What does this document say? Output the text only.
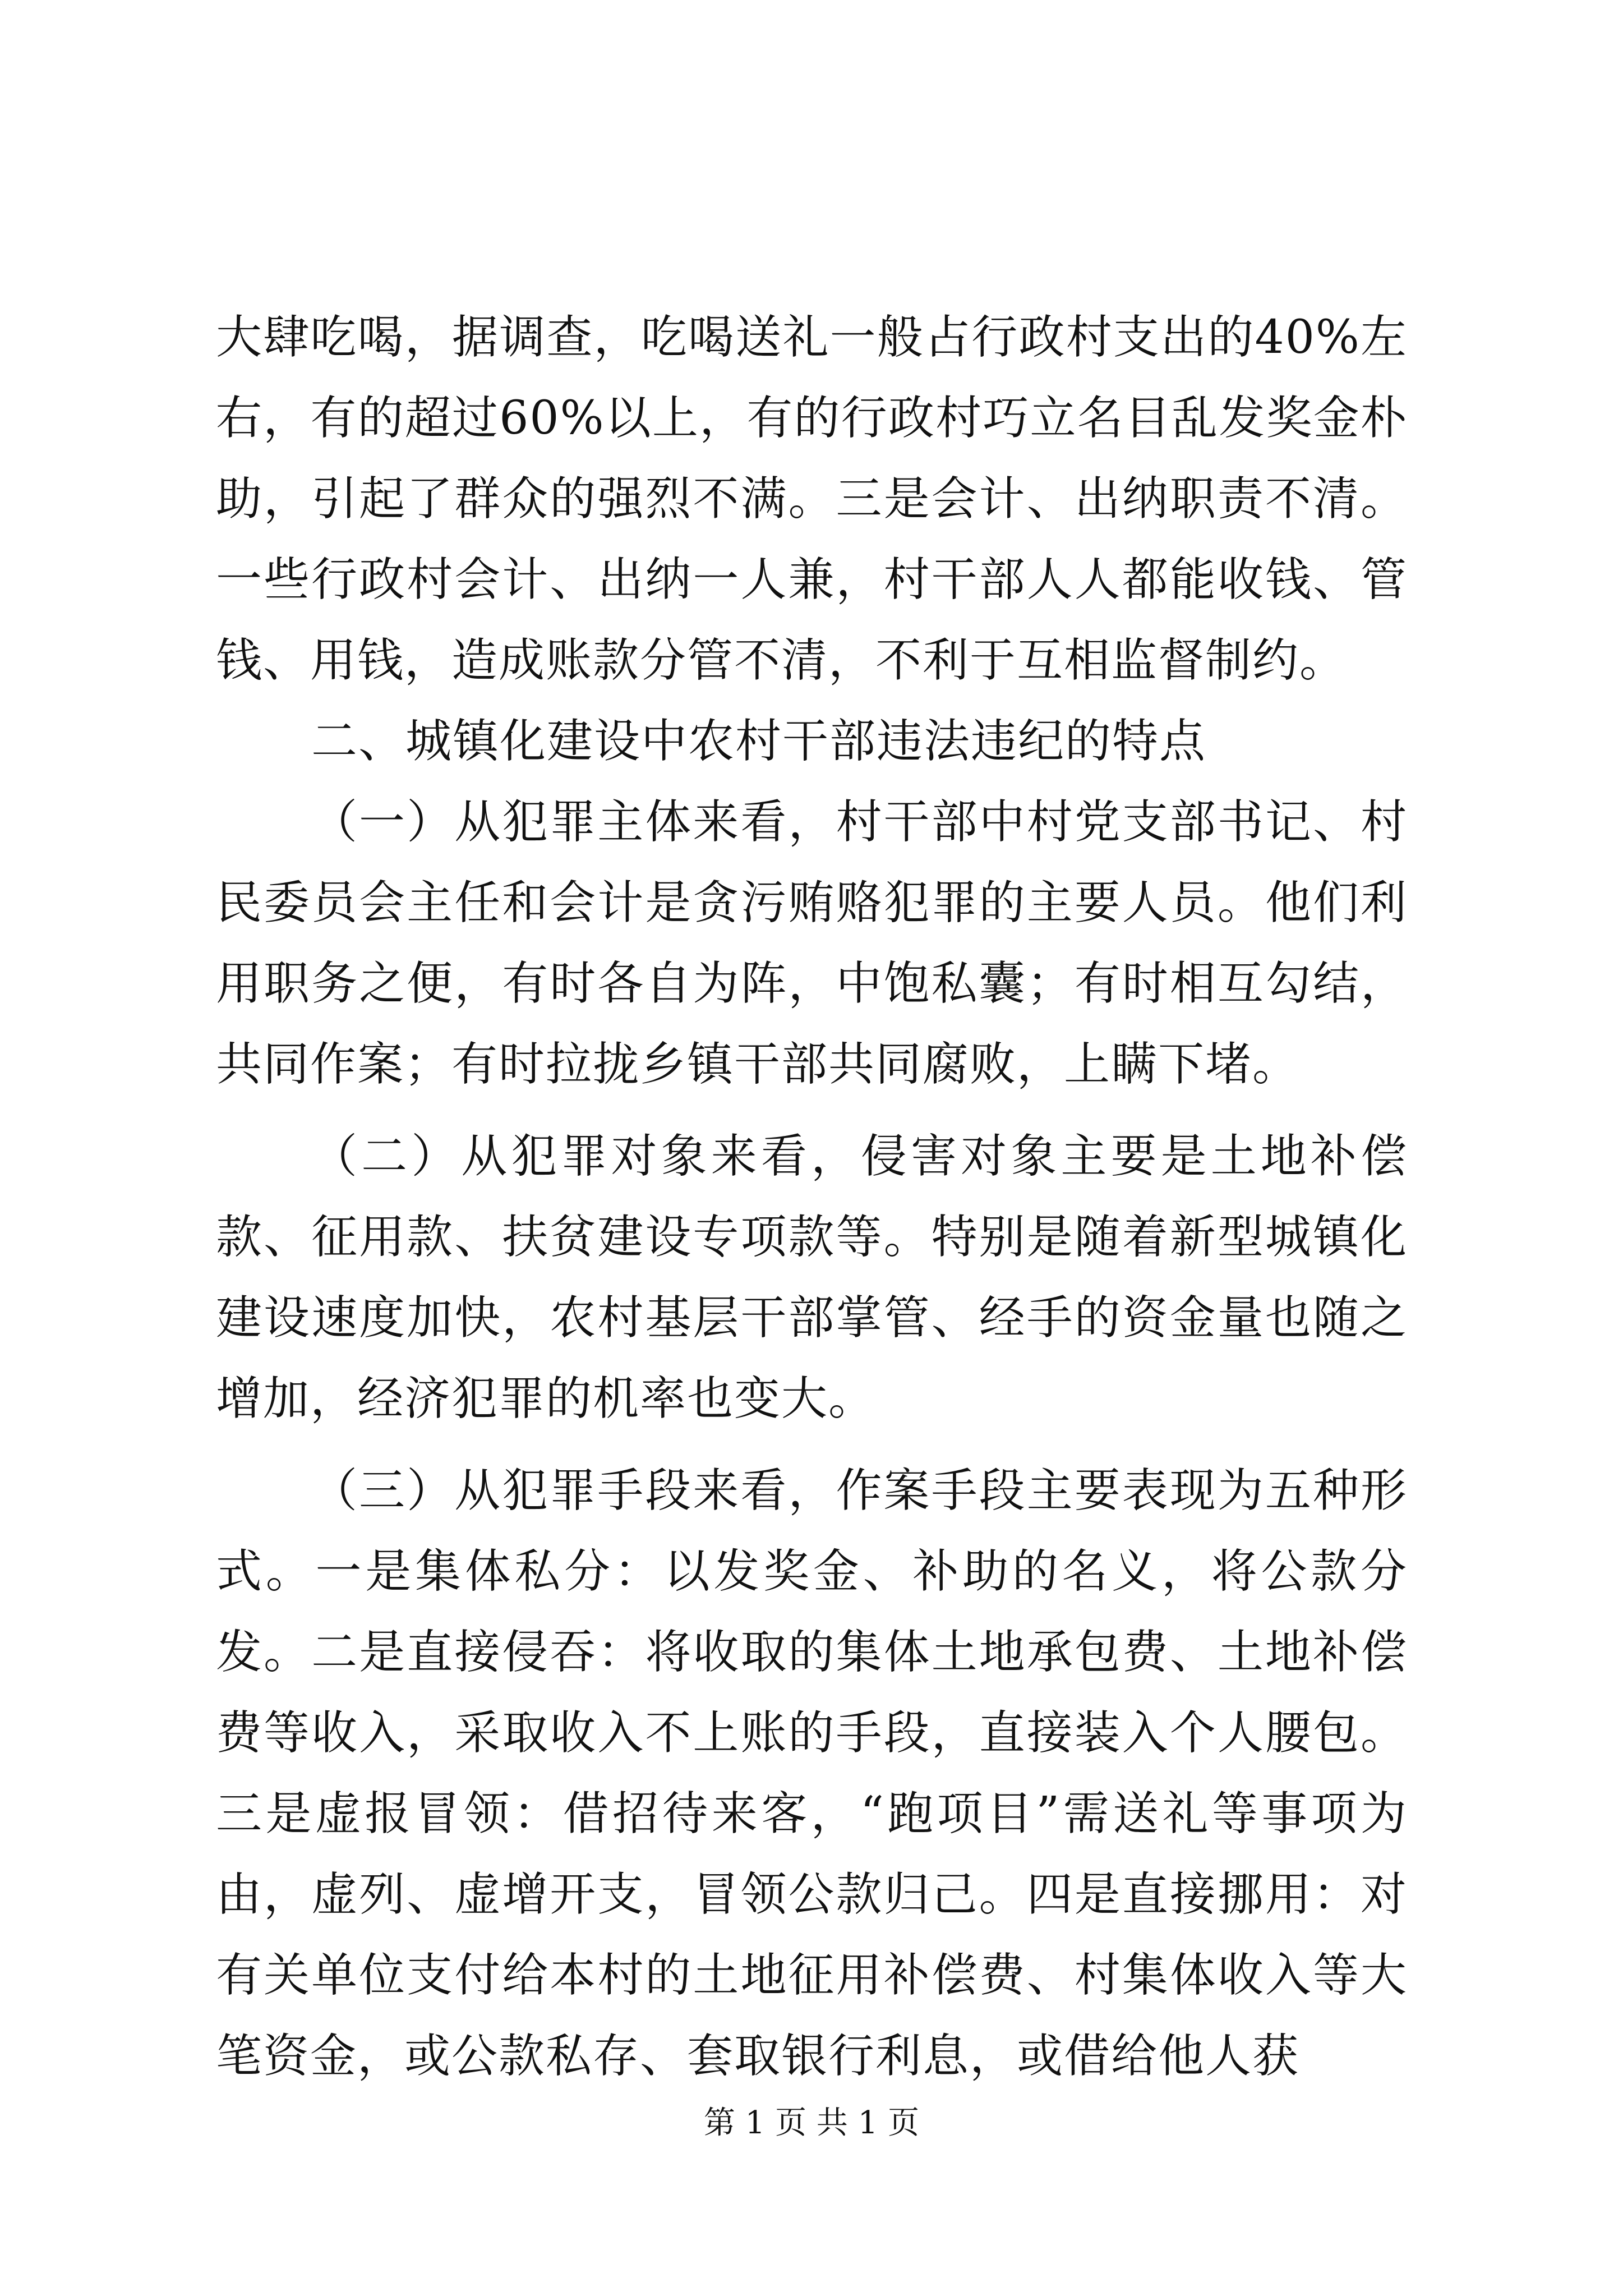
大肆吃喝，据调查，吃喝送礼一般占行政村支出的40%左右，有的超过60%以上，有的行政村巧立名目乱发奖金朴助，引起了群众的强烈不满。三是会计、出纳职责不清。一些行政村会计、出纳一人兼，村干部人人都能收钱、管钱、用钱，造成账款分管不清，不利于互相监督制约。

二、城镇化建设中农村干部违法违纪的特点

（一）从犯罪主体来看，村干部中村党支部书记、村民委员会主任和会计是贪污贿赂犯罪的主要人员。他们利用职务之便，有时各自为阵，中饱私囊；有时相互勾结，共同作案；有时拉拢乡镇干部共同腐败，上瞒下堵。

（二）从犯罪对象来看，侵害对象主要是土地补偿款、征用款、扶贫建设专项款等。特别是随着新型城镇化建设速度加快，农村基层干部掌管、经手的资金量也随之增加，经济犯罪的机率也变大。

（三）从犯罪手段来看，作案手段主要表现为五种形式。一是集体私分：以发奖金、补助的名义，将公款分发。二是直接侵吞：将收取的集体土地承包费、土地补偿费等收入，采取收入不上账的手段，直接装入个人腰包。三是虚报冒领：借招待来客，“跑项目”需送礼等事项为由，虚列、虚增开支，冒领公款归己。四是直接挪用：对有关单位支付给本村的土地征用补偿费、村集体收入等大笔资金，或公款私存、套取银行利息，或借给他人获

第 1 页 共 1 页
